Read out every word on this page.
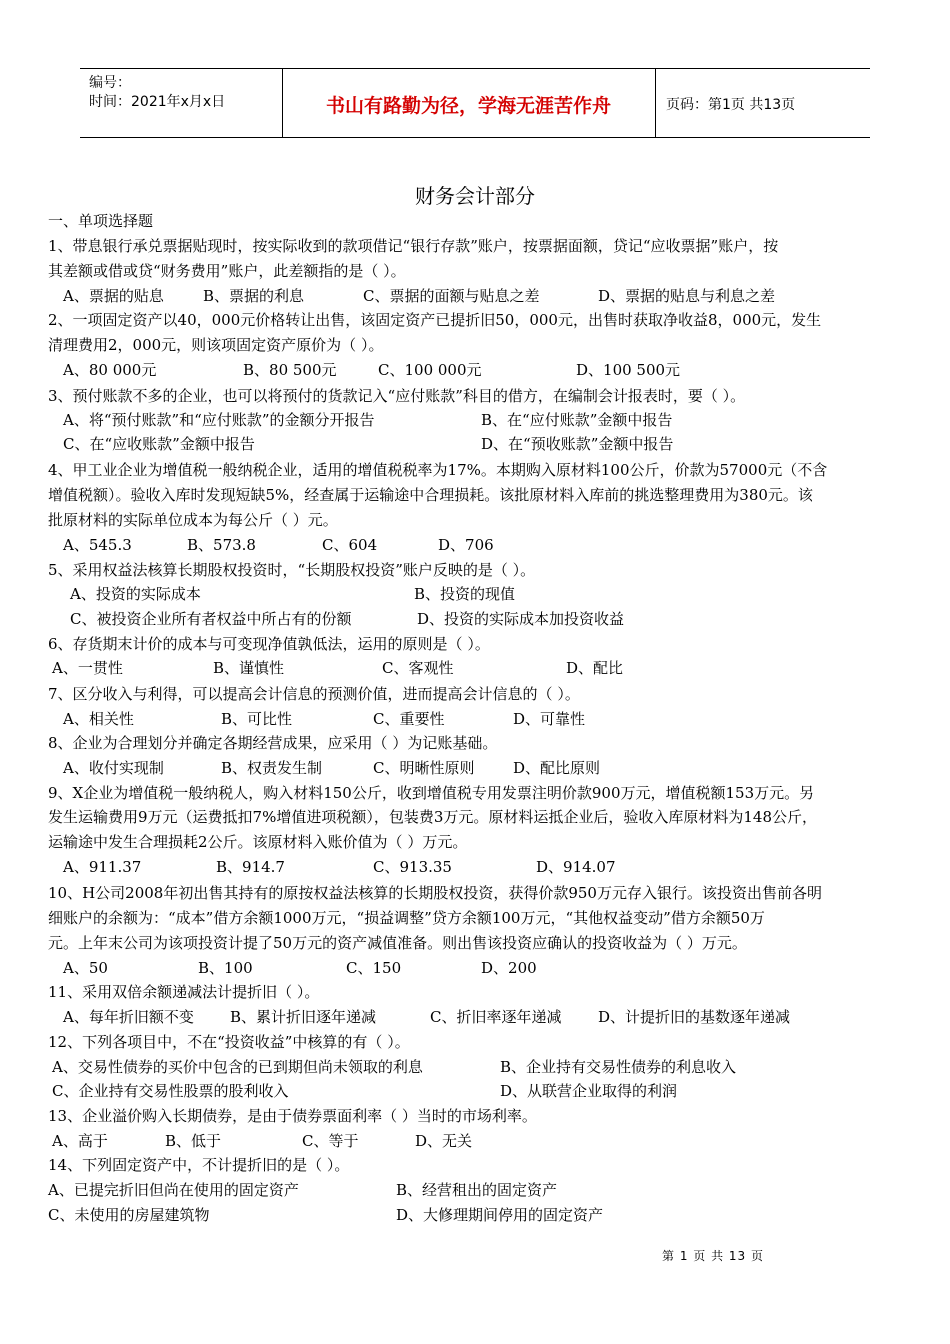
编号：
时间：2021年x月x日	书山有路勤为径，学海无涯苦作舟	页码：第1页 共13页
财务会计部分
一、单项选择题
1、带息银行承兑票据贴现时，按实际收到的款项借记“银行存款”账户，按票据面额，贷记“应收票据”账户，按
其差额或借或贷“财务费用”账户，此差额指的是（ ）。
A、票据的贴息	B、票据的利息	C、票据的面额与贴息之差	D、票据的贴息与利息之差
2、一项固定资产以40，000元价格转让出售，该固定资产已提折旧50，000元，出售时获取净收益8，000元，发生
清理费用2，000元，则该项固定资产原价为（ ）。
A、80 000元	B、80 500元	C、100 000元	D、100 500元
3、预付账款不多的企业，也可以将预付的货款记入“应付账款”科目的借方，在编制会计报表时，要（ ）。
A、将“预付账款”和“应付账款”的金额分开报告	B、在“应付账款”金额中报告
C、在“应收账款”金额中报告	D、在“预收账款”金额中报告
4、甲工业企业为增值税一般纳税企业，适用的增值税税率为17%。本期购入原材料100公斤，价款为57000元（不含
增值税额）。验收入库时发现短缺5%，经查属于运输途中合理损耗。该批原材料入库前的挑选整理费用为380元。该
批原材料的实际单位成本为每公斤（ ）元。
A、545.3	B、573.8	C、604	D、706
5、采用权益法核算长期股权投资时，“长期股权投资”账户反映的是（ ）。
A、投资的实际成本	B、投资的现值
C、被投资企业所有者权益中所占有的份额	D、投资的实际成本加投资收益
6、存货期末计价的成本与可变现净值孰低法，运用的原则是（ ）。
A、一贯性	B、谨慎性	C、客观性	D、配比
7、区分收入与利得，可以提高会计信息的预测价值，进而提高会计信息的（ ）。
A、相关性	B、可比性	C、重要性	D、可靠性
8、企业为合理划分并确定各期经营成果，应采用（ ）为记账基础。
A、收付实现制	B、权责发生制	C、明晰性原则	D、配比原则
9、X企业为增值税一般纳税人，购入材料150公斤，收到增值税专用发票注明价款900万元，增值税额153万元。另
发生运输费用9万元（运费抵扣7%增值进项税额），包装费3万元。原材料运抵企业后，验收入库原材料为148公斤，
运输途中发生合理损耗2公斤。该原材料入账价值为（ ）万元。
A、911.37	B、914.7	C、913.35	D、914.07
10、H公司2008年初出售其持有的原按权益法核算的长期股权投资，获得价款950万元存入银行。该投资出售前各明
细账户的余额为：“成本”借方余额1000万元，“损益调整”贷方余额100万元，“其他权益变动”借方余额50万
元。上年末公司为该项投资计提了50万元的资产减值准备。则出售该投资应确认的投资收益为（ ）万元。
A、50	B、100	C、150	D、200
11、采用双倍余额递减法计提折旧（ ）。
A、每年折旧额不变 B、累计折旧逐年递减	C、折旧率逐年递减 D、计提折旧的基数逐年递减
12、下列各项目中，不在“投资收益”中核算的有（ ）。
A、交易性债券的买价中包含的已到期但尚未领取的利息	B、企业持有交易性债券的利息收入
C、企业持有交易性股票的股利收入	D、从联营企业取得的利润
13、企业溢价购入长期债券，是由于债券票面利率（ ）当时的市场利率。
A、高于	B、低于	C、等于	D、无关
14、下列固定资产中，不计提折旧的是（ ）。
A、已提完折旧但尚在使用的固定资产	B、经营租出的固定资产
C、未使用的房屋建筑物	D、大修理期间停用的固定资产
第 1 页 共 13 页
